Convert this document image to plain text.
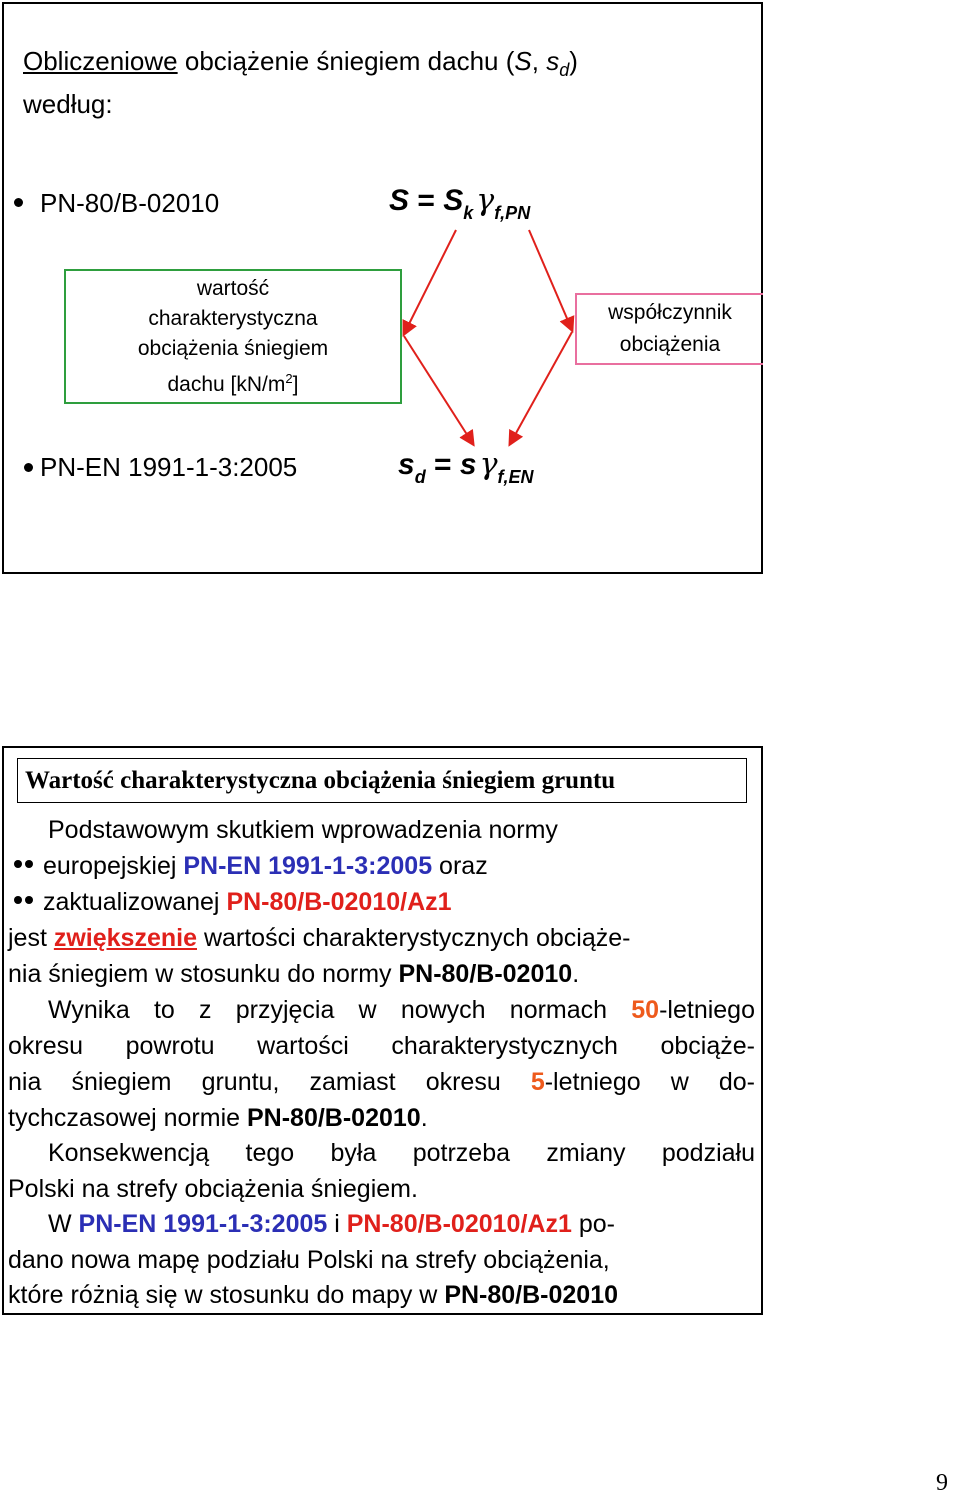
Obliczeniowe obciążenie śniegiem dachu (S, $s_d$)
według:
PN-80/B-02010	$S = S_k$ $\gamma_{f,PN}$
wartość
charakterystyczna
obciążenia śniegiem
dachu $[kN/m^2]$
współczynnik
obciążenia
PN-EN 1991-1-3:2005	$s_d = s$ $\gamma_{f,EN}$
Wartość charakterystyczna obciążenia śniegiem gruntu
Podstawowym skutkiem wprowadzenia normy
europejskiej PN-EN 1991-1-3:2005 oraz
zaktualizowanej PN-80/B-02010/Az1
jest zwiększenie wartości charakterystycznych obciąże-
nia śniegiem w stosunku do normy PN-80/B-02010.
Wynika to z przyjęcia w nowych normach 50-letniego
okresu powrotu wartości charakterystycznych obciąże-
nia śniegiem gruntu, zamiast okresu 5-letniego w do-
tychczasowej normie PN-80/B-02010.
Konsekwencją tego była potrzeba zmiany podziału
Polski na strefy obciążenia śniegiem.
W PN-EN 1991-1-3:2005 i PN-80/B-02010/Az1 po-
dano nowa mapę podziału Polski na strefy obciążenia,
które różnią się w stosunku do mapy w PN-80/B-02010
9
